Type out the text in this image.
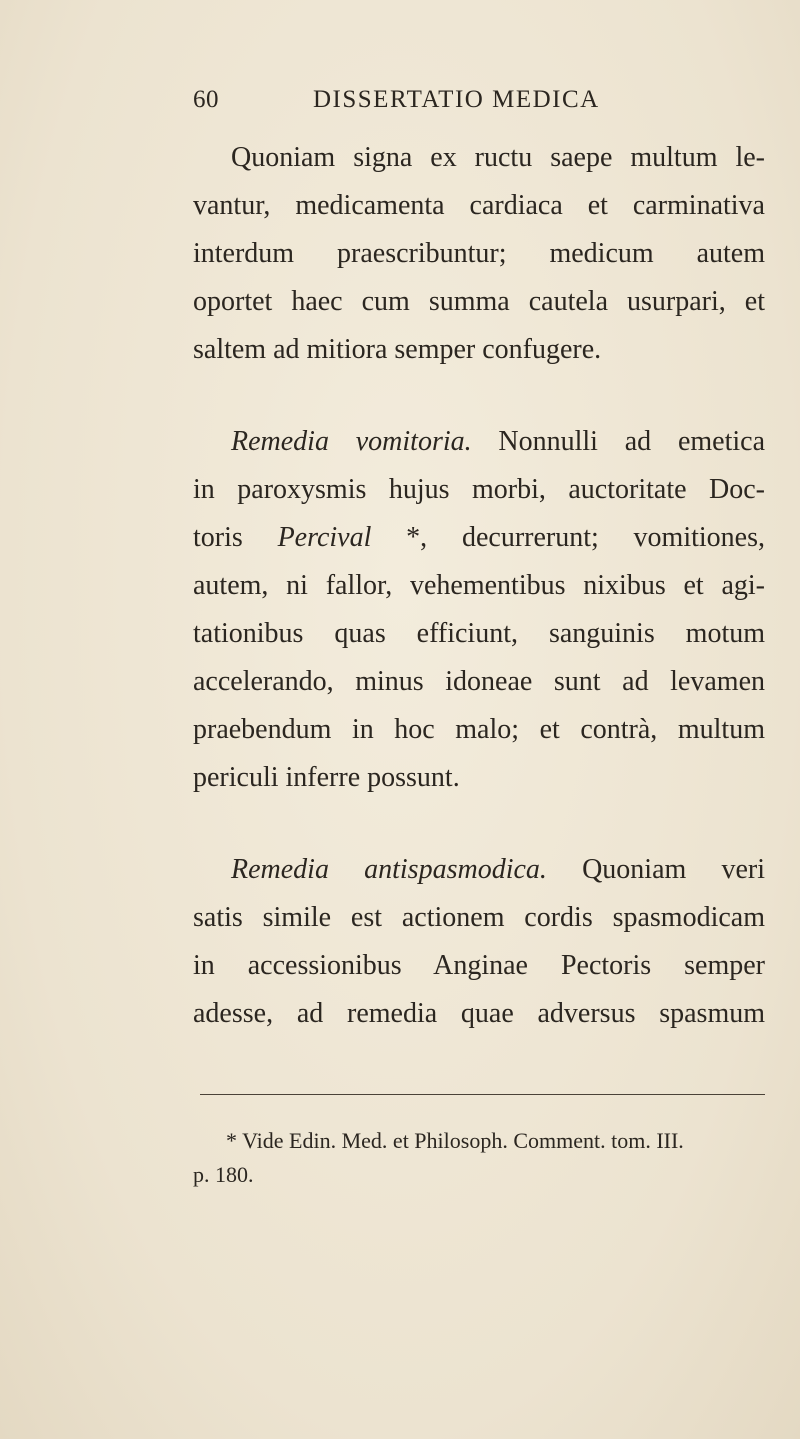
60	DISSERTATIO MEDICA
Quoniam signa ex ructu saepe multum le-
vantur, medicamenta cardiaca et carminativa
interdum praescribuntur; medicum autem
oportet haec cum summa cautela usurpari, et
saltem ad mitiora semper confugere.
Remedia vomitoria. Nonnulli ad emetica
in paroxysmis hujus morbi, auctoritate Doc-
toris Percival *, decurrerunt; vomitiones,
autem, ni fallor, vehementibus nixibus et agi-
tationibus quas efficiunt, sanguinis motum
accelerando, minus idoneae sunt ad levamen
praebendum in hoc malo; et contrà, multum
periculi inferre possunt.
Remedia antispasmodica. Quoniam veri
satis simile est actionem cordis spasmodicam
in accessionibus Anginae Pectoris semper
adesse, ad remedia quae adversus spasmum
* Vide Edin. Med. et Philosoph. Comment. tom. III.
p. 180.
